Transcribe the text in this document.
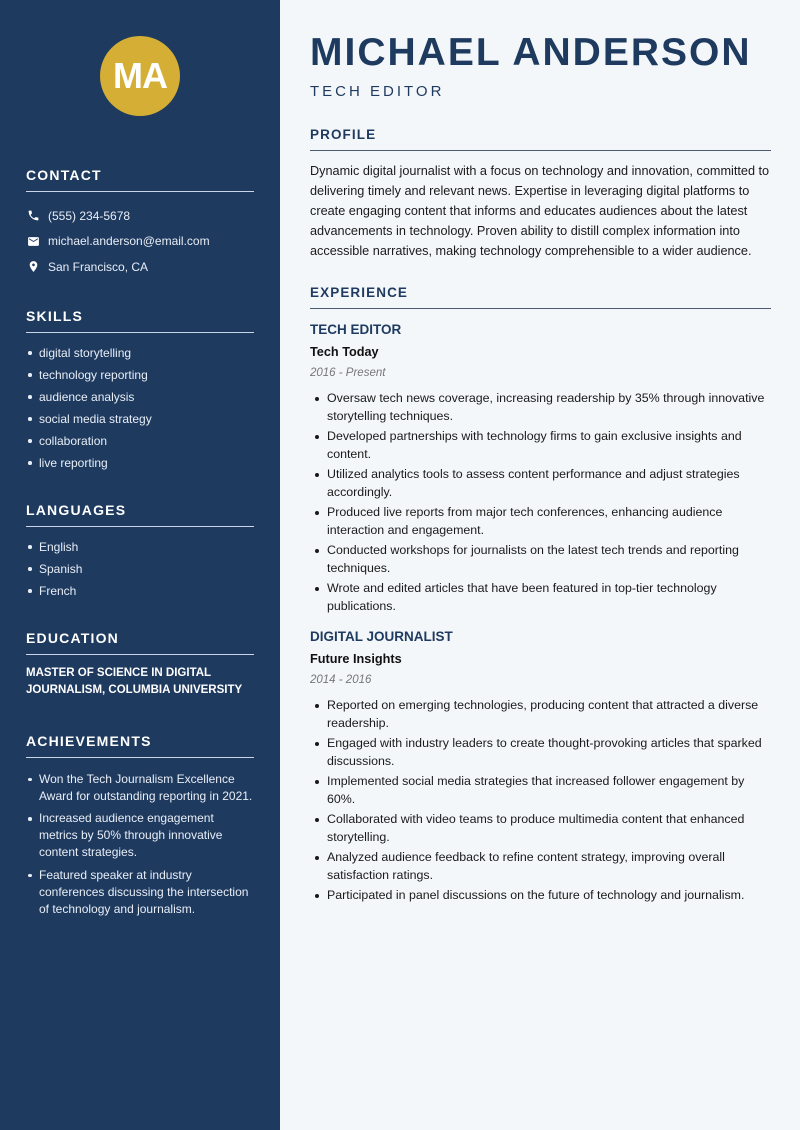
MA
CONTACT
(555) 234-5678
michael.anderson@email.com
San Francisco, CA
SKILLS
digital storytelling
technology reporting
audience analysis
social media strategy
collaboration
live reporting
LANGUAGES
English
Spanish
French
EDUCATION

MASTER OF SCIENCE IN DIGITAL JOURNALISM, COLUMBIA UNIVERSITY

ACHIEVEMENTS
Won the Tech Journalism Excellence Award for outstanding reporting in 2021.
Increased audience engagement metrics by 50% through innovative content strategies.
Featured speaker at industry conferences discussing the intersection of technology and journalism.
MICHAEL ANDERSON
TECH EDITOR
PROFILE

Dynamic digital journalist with a focus on technology and innovation, committed to delivering timely and relevant news. Expertise in leveraging digital platforms to create engaging content that informs and educates audiences about the latest advancements in technology. Proven ability to distill complex information into accessible narratives, making technology comprehensible to a wider audience.

EXPERIENCE
TECH EDITOR
Tech Today
2016 - Present
Oversaw tech news coverage, increasing readership by 35% through innovative storytelling techniques.
Developed partnerships with technology firms to gain exclusive insights and content.
Utilized analytics tools to assess content performance and adjust strategies accordingly.
Produced live reports from major tech conferences, enhancing audience interaction and engagement.
Conducted workshops for journalists on the latest tech trends and reporting techniques.
Wrote and edited articles that have been featured in top-tier technology publications.
DIGITAL JOURNALIST
Future Insights
2014 - 2016
Reported on emerging technologies, producing content that attracted a diverse readership.
Engaged with industry leaders to create thought-provoking articles that sparked discussions.
Implemented social media strategies that increased follower engagement by 60%.
Collaborated with video teams to produce multimedia content that enhanced storytelling.
Analyzed audience feedback to refine content strategy, improving overall satisfaction ratings.
Participated in panel discussions on the future of technology and journalism.
